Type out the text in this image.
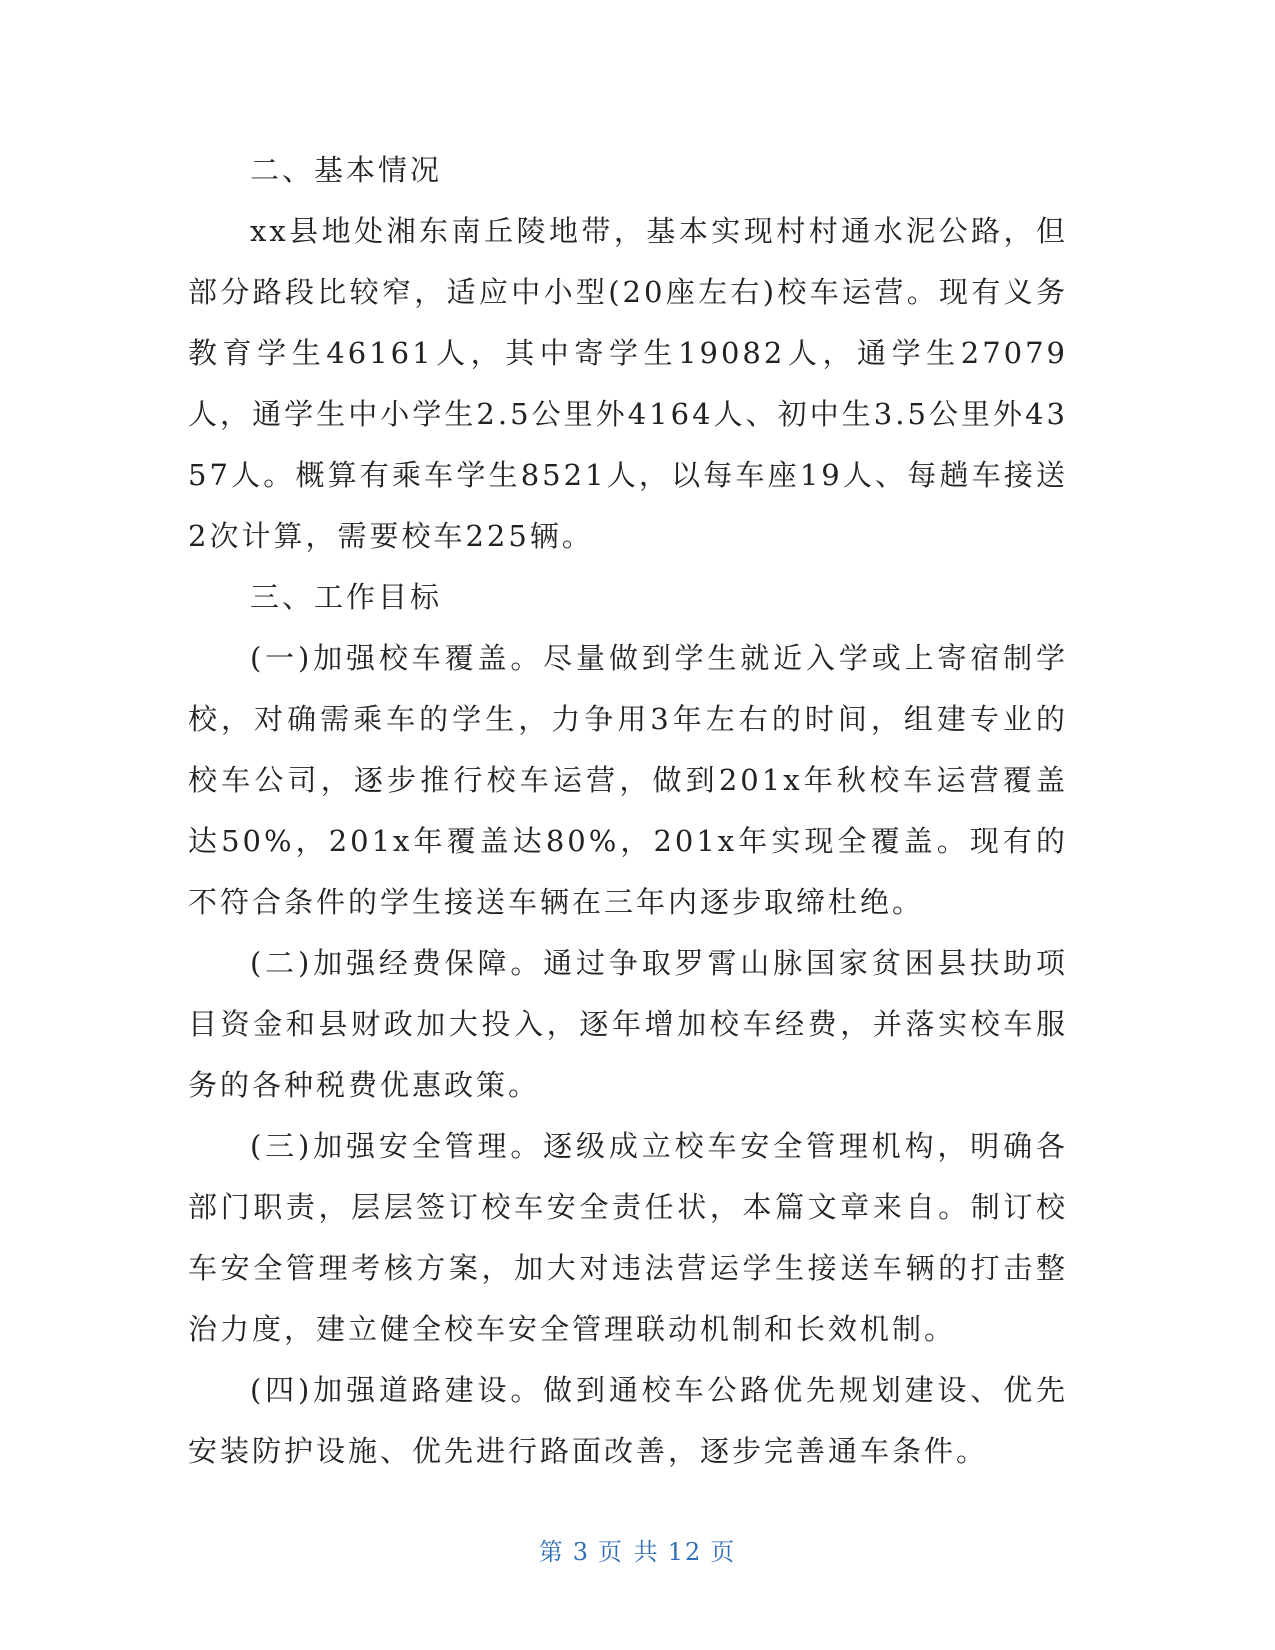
二、基本情况

xx县地处湘东南丘陵地带，基本实现村村通水泥公路，但部分路段比较窄，适应中小型(20座左右)校车运营。现有义务教育学生46161人，其中寄学生19082人，通学生27079人，通学生中小学生2.5公里外4164人、初中生3.5公里外4357人。概算有乘车学生8521人，以每车座19人、每趟车接送2次计算，需要校车225辆。

三、工作目标

(一)加强校车覆盖。尽量做到学生就近入学或上寄宿制学校，对确需乘车的学生，力争用3年左右的时间，组建专业的校车公司，逐步推行校车运营，做到201x年秋校车运营覆盖达50%，201x年覆盖达80%，201x年实现全覆盖。现有的不符合条件的学生接送车辆在三年内逐步取缔杜绝。

(二)加强经费保障。通过争取罗霄山脉国家贫困县扶助项目资金和县财政加大投入，逐年增加校车经费，并落实校车服务的各种税费优惠政策。

(三)加强安全管理。逐级成立校车安全管理机构，明确各部门职责，层层签订校车安全责任状，本篇文章来自。制订校车安全管理考核方案，加大对违法营运学生接送车辆的打击整治力度，建立健全校车安全管理联动机制和长效机制。

(四)加强道路建设。做到通校车公路优先规划建设、优先安装防护设施、优先进行路面改善，逐步完善通车条件。

第 3 页 共 12 页
